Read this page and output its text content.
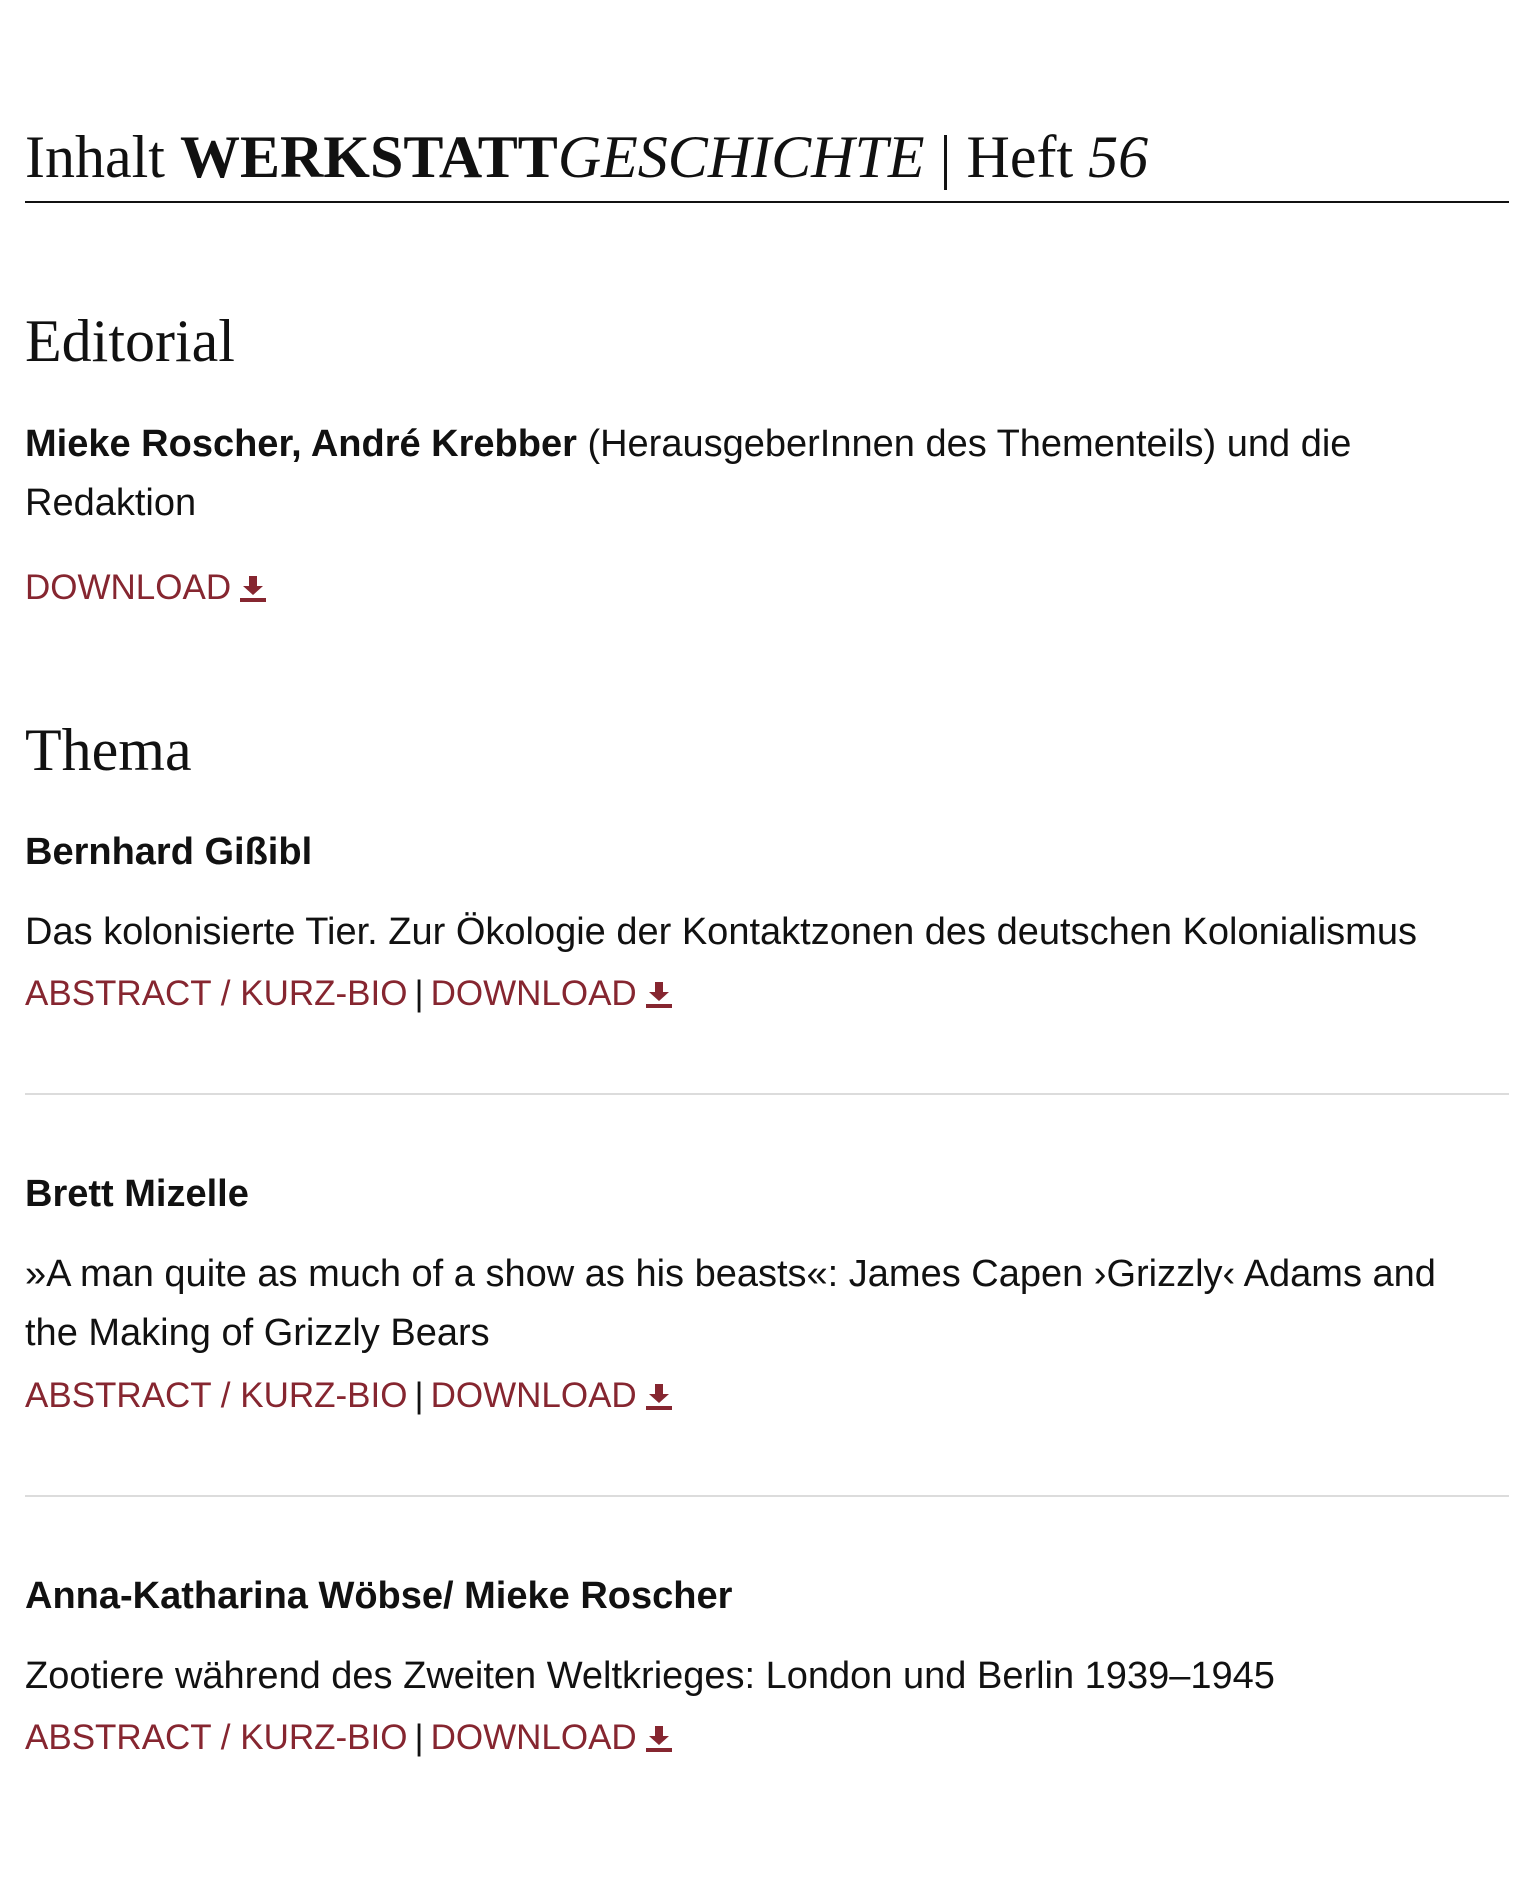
Inhalt WERKSTATTGESCHICHTE | Heft 56
Editorial

Mieke Roscher, André Krebber (HerausgeberInnen des Thementeils) und die Redaktion

DOWNLOAD
Thema

Bernhard Gißibl

Das kolonisierte Tier. Zur Ökologie der Kontaktzonen des deutschen Kolonialismus

ABSTRACT / KURZ-BIO | DOWNLOAD

Brett Mizelle

»A man quite as much of a show as his beasts«: James Capen ›Grizzly‹ Adams and the Making of Grizzly Bears

ABSTRACT / KURZ-BIO | DOWNLOAD

Anna-Katharina Wöbse/ Mieke Roscher

Zootiere während des Zweiten Weltkrieges: London und Berlin 1939–1945

ABSTRACT / KURZ-BIO | DOWNLOAD
